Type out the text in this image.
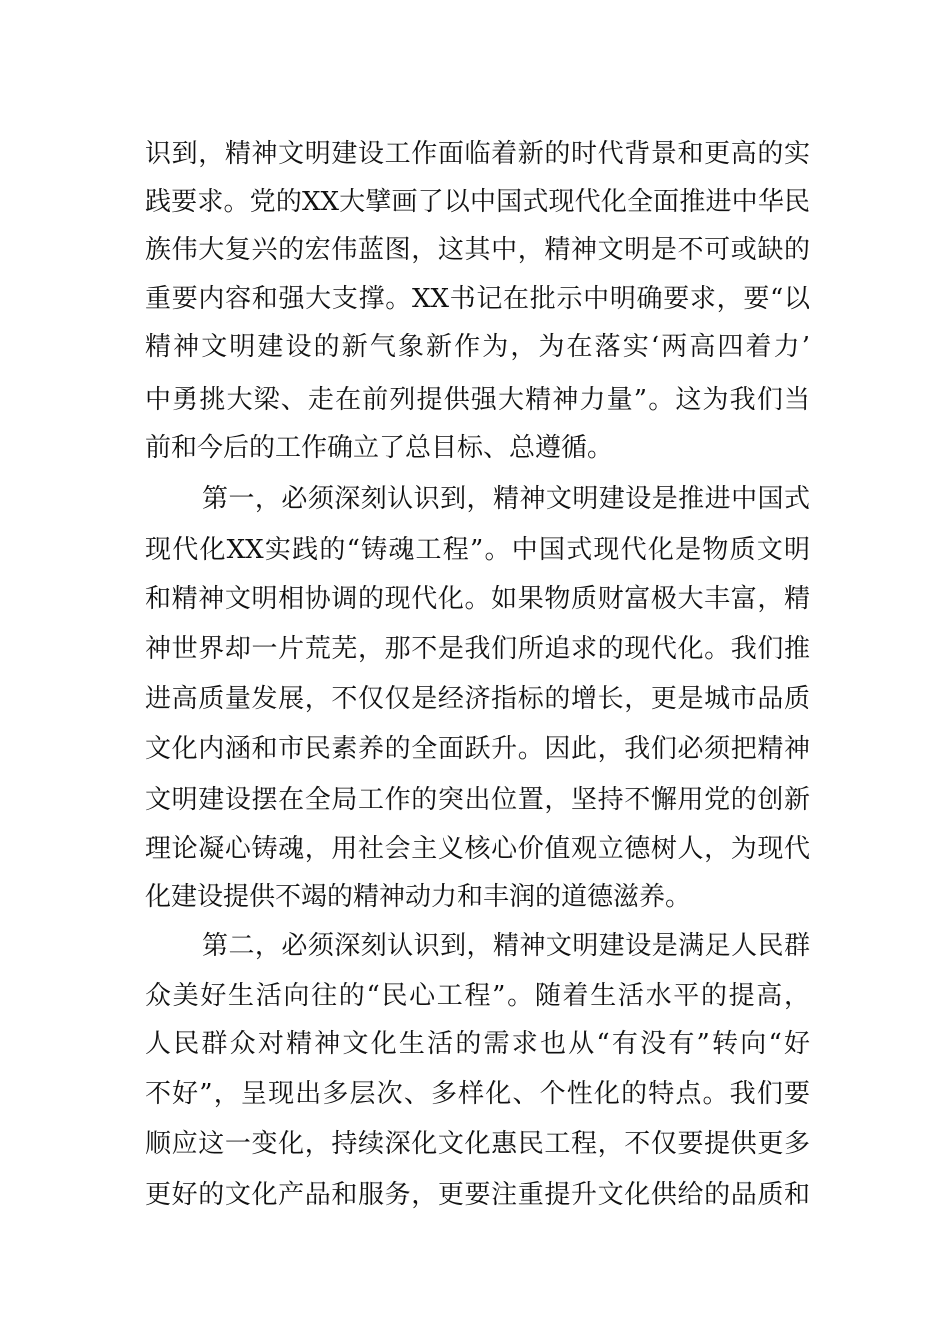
识到，精神文明建设工作面临着新的时代背景和更高的实
践要求。党的XX大擘画了以中国式现代化全面推进中华民
族伟大复兴的宏伟蓝图，这其中，精神文明是不可或缺的
重要内容和强大支撑。XX书记在批示中明确要求，要“以
精神文明建设的新气象新作为，为在落实‘两高四着力’
中勇挑大梁、走在前列提供强大精神力量”。这为我们当
前和今后的工作确立了总目标、总遵循。
第一，必须深刻认识到，精神文明建设是推进中国式
现代化XX实践的“铸魂工程”。中国式现代化是物质文明
和精神文明相协调的现代化。如果物质财富极大丰富，精
神世界却一片荒芜，那不是我们所追求的现代化。我们推
进高质量发展，不仅仅是经济指标的增长，更是城市品质
文化内涵和市民素养的全面跃升。因此，我们必须把精神
文明建设摆在全局工作的突出位置，坚持不懈用党的创新
理论凝心铸魂，用社会主义核心价值观立德树人，为现代
化建设提供不竭的精神动力和丰润的道德滋养。
第二，必须深刻认识到，精神文明建设是满足人民群
众美好生活向往的“民心工程”。随着生活水平的提高，
人民群众对精神文化生活的需求也从“有没有”转向“好
不好”，呈现出多层次、多样化、个性化的特点。我们要
顺应这一变化，持续深化文化惠民工程，不仅要提供更多
更好的文化产品和服务，更要注重提升文化供给的品质和
